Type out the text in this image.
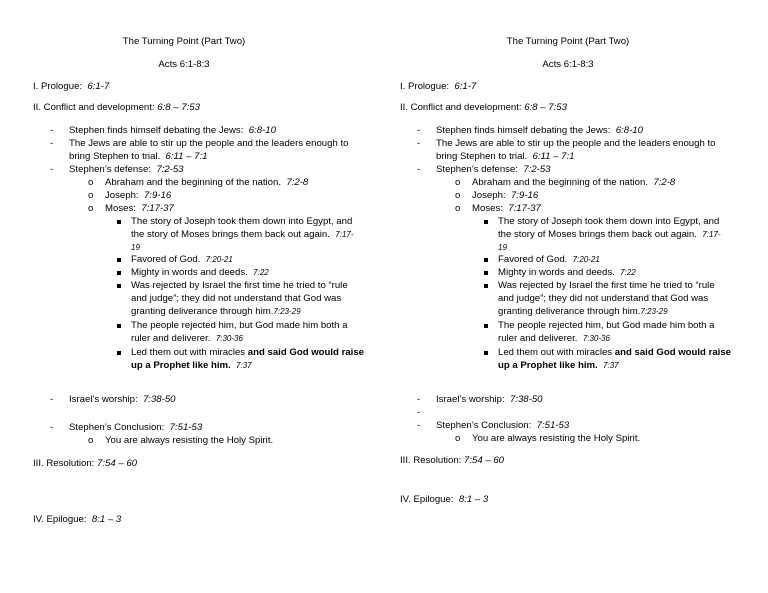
The Turning Point (Part Two)
Acts 6:1-8:3
I. Prologue: 6:1-7
II. Conflict and development: 6:8 – 7:53
- Stephen finds himself debating the Jews: 6:8-10
- The Jews are able to stir up the people and the leaders enough to bring Stephen to trial. 6:11 – 7:1
- Stephen’s defense: 7:2-53
o Abraham and the beginning of the nation. 7:2-8
o Joseph: 7:9-16
o Moses: 7:17-37
The story of Joseph took them down into Egypt, and the story of Moses brings them back out again. 7:17-19
Favored of God. 7:20-21
Mighty in words and deeds. 7:22
Was rejected by Israel the first time he tried to “rule and judge”; they did not understand that God was granting deliverance through him.7:23-29
The people rejected him, but God made him both a ruler and deliverer. 7:30-36
Led them out with miracles and said God would raise up a Prophet like him. 7:37
- Israel’s worship: 7:38-50
- Stephen’s Conclusion: 7:51-53
o You are always resisting the Holy Spirit.
III. Resolution: 7:54 – 60
IV. Epilogue: 8:1 – 3
The Turning Point (Part Two)
Acts 6:1-8:3
I. Prologue: 6:1-7
II. Conflict and development: 6:8 – 7:53
- Stephen finds himself debating the Jews: 6:8-10
- The Jews are able to stir up the people and the leaders enough to bring Stephen to trial. 6:11 – 7:1
- Stephen’s defense: 7:2-53
o Abraham and the beginning of the nation. 7:2-8
o Joseph: 7:9-16
o Moses: 7:17-37
The story of Joseph took them down into Egypt, and the story of Moses brings them back out again. 7:17-19
Favored of God. 7:20-21
Mighty in words and deeds. 7:22
Was rejected by Israel the first time he tried to “rule and judge”; they did not understand that God was granting deliverance through him.7:23-29
The people rejected him, but God made him both a ruler and deliverer. 7:30-36
Led them out with miracles and said God would raise up a Prophet like him. 7:37
- Israel’s worship: 7:38-50
-
- Stephen’s Conclusion: 7:51-53
o You are always resisting the Holy Spirit.
III. Resolution: 7:54 – 60
IV. Epilogue: 8:1 – 3
